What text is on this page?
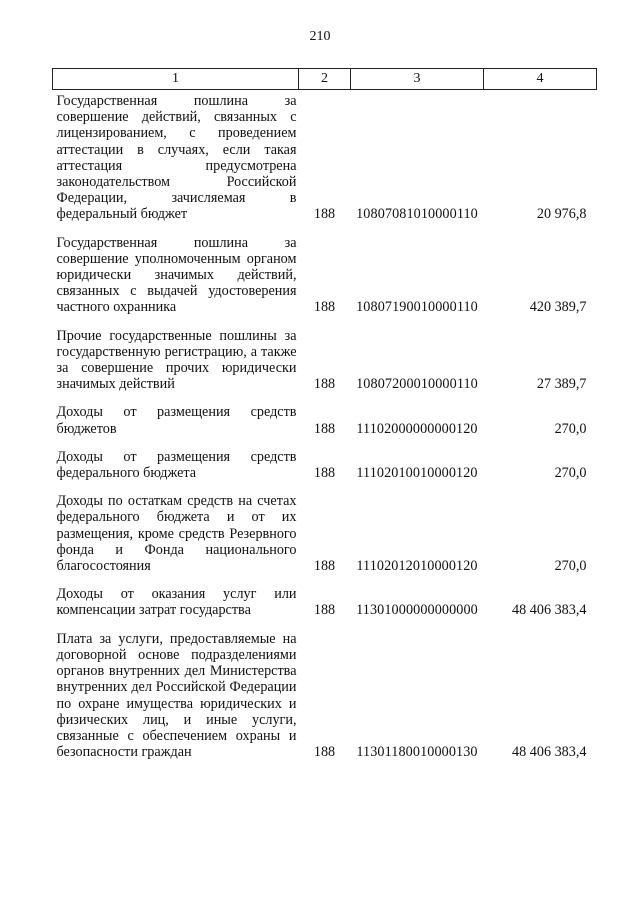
210
1	2	3	4
Государственная пошлина за совершение действий, связанных с лицензированием, с проведением аттестации в случаях, если такая аттестация предусмотрена законодательством Российской Федерации, зачисляемая в федеральный бюджет	188	10807081010000110	20 976,8
Государственная пошлина за совершение уполномоченным органом юридически значимых действий, связанных с выдачей удостоверения частного охранника	188	10807190010000110	420 389,7
Прочие государственные пошлины за государственную регистрацию, а также за совершение прочих юридически значимых действий	188	10807200010000110	27 389,7
Доходы от размещения средств бюджетов	188	11102000000000120	270,0
Доходы от размещения средств федерального бюджета	188	11102010010000120	270,0
Доходы по остаткам средств на счетах федерального бюджета и от их размещения, кроме средств Резервного фонда и Фонда национального благосостояния	188	11102012010000120	270,0
Доходы от оказания услуг или компенсации затрат государства	188	11301000000000000	48 406 383,4
Плата за услуги, предоставляемые на договорной основе подразделениями органов внутренних дел Министерства внутренних дел Российской Федерации по охране имущества юридических и физических лиц, и иные услуги, связанные с обеспечением охраны и безопасности граждан	188	11301180010000130	48 406 383,4
